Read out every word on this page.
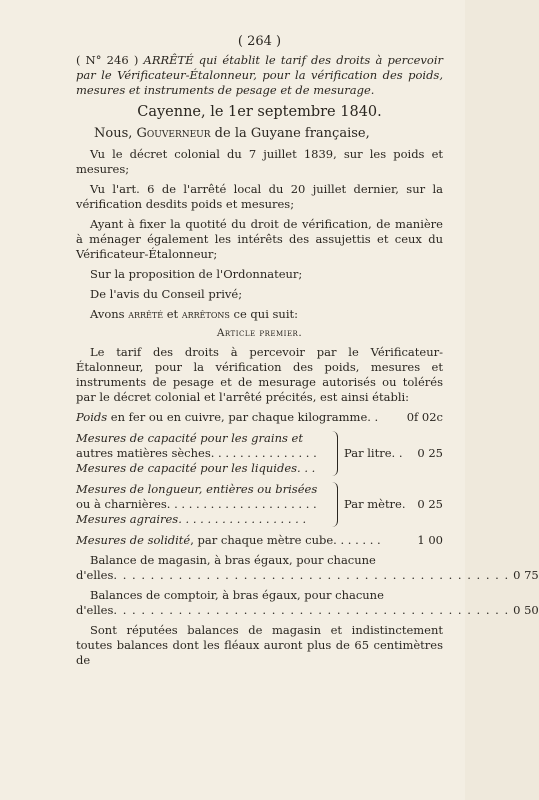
( 264 )

( N° 246 ) ARRÊTÉ qui établit le tarif des droits à percevoir par le Vérificateur-Étalonneur, pour la vérification des poids, mesures et instruments de pesage et de mesurage.

Cayenne, le 1er septembre 1840.
Nous, Gouverneur de la Guyane française,

Vu le décret colonial du 7 juillet 1839, sur les poids et mesures;

Vu l'art. 6 de l'arrêté local du 20 juillet dernier, sur la vérification desdits poids et mesures;

Ayant à fixer la quotité du droit de vérification, de manière à ménager également les intérêts des assujettis et ceux du Vérificateur-Étalonneur;

Sur la proposition de l'Ordonnateur;

De l'avis du Conseil privé;

Avons arrêté et arrêtons ce qui suit:

Article premier.

Le tarif des droits à percevoir par le Vérificateur-Étalonneur, pour la vérification des poids, mesures et instruments de pesage et de mesurage autorisés ou tolérés par le décret colonial et l'arrêté précités, est ainsi établi:

Poids en fer ou en cuivre, par chaque kilogramme. . 0f 02c
Mesures de capacité pour les grains et
autres matières sèches. . . . . . . . . . . . . . .
Mesures de capacité pour les liquides. . .
Par litre. .	0 25
Mesures de longueur, entières ou brisées
ou à charnières. . . . . . . . . . . . . . . . . . . . .
Mesures agraires. . . . . . . . . . . . . . . . . .
Par mètre.	0 25
Mesures de solidité, par chaque mètre cube. . . . . . .	1 00
Balance de magasin, à bras égaux, pour chacune
d'elles . . . . . . . . . . . . . . . . . . . . . . . . . . . . . . . . . . . . . . . . . . . 0 75
Balances de comptoir, à bras égaux, pour chacune
d'elles . . . . . . . . . . . . . . . . . . . . . . . . . . . . . . . . . . . . . . . . . . . 0 50

Sont réputées balances de magasin et indistinctement toutes balances dont les fléaux auront plus de 65 centimètres de
